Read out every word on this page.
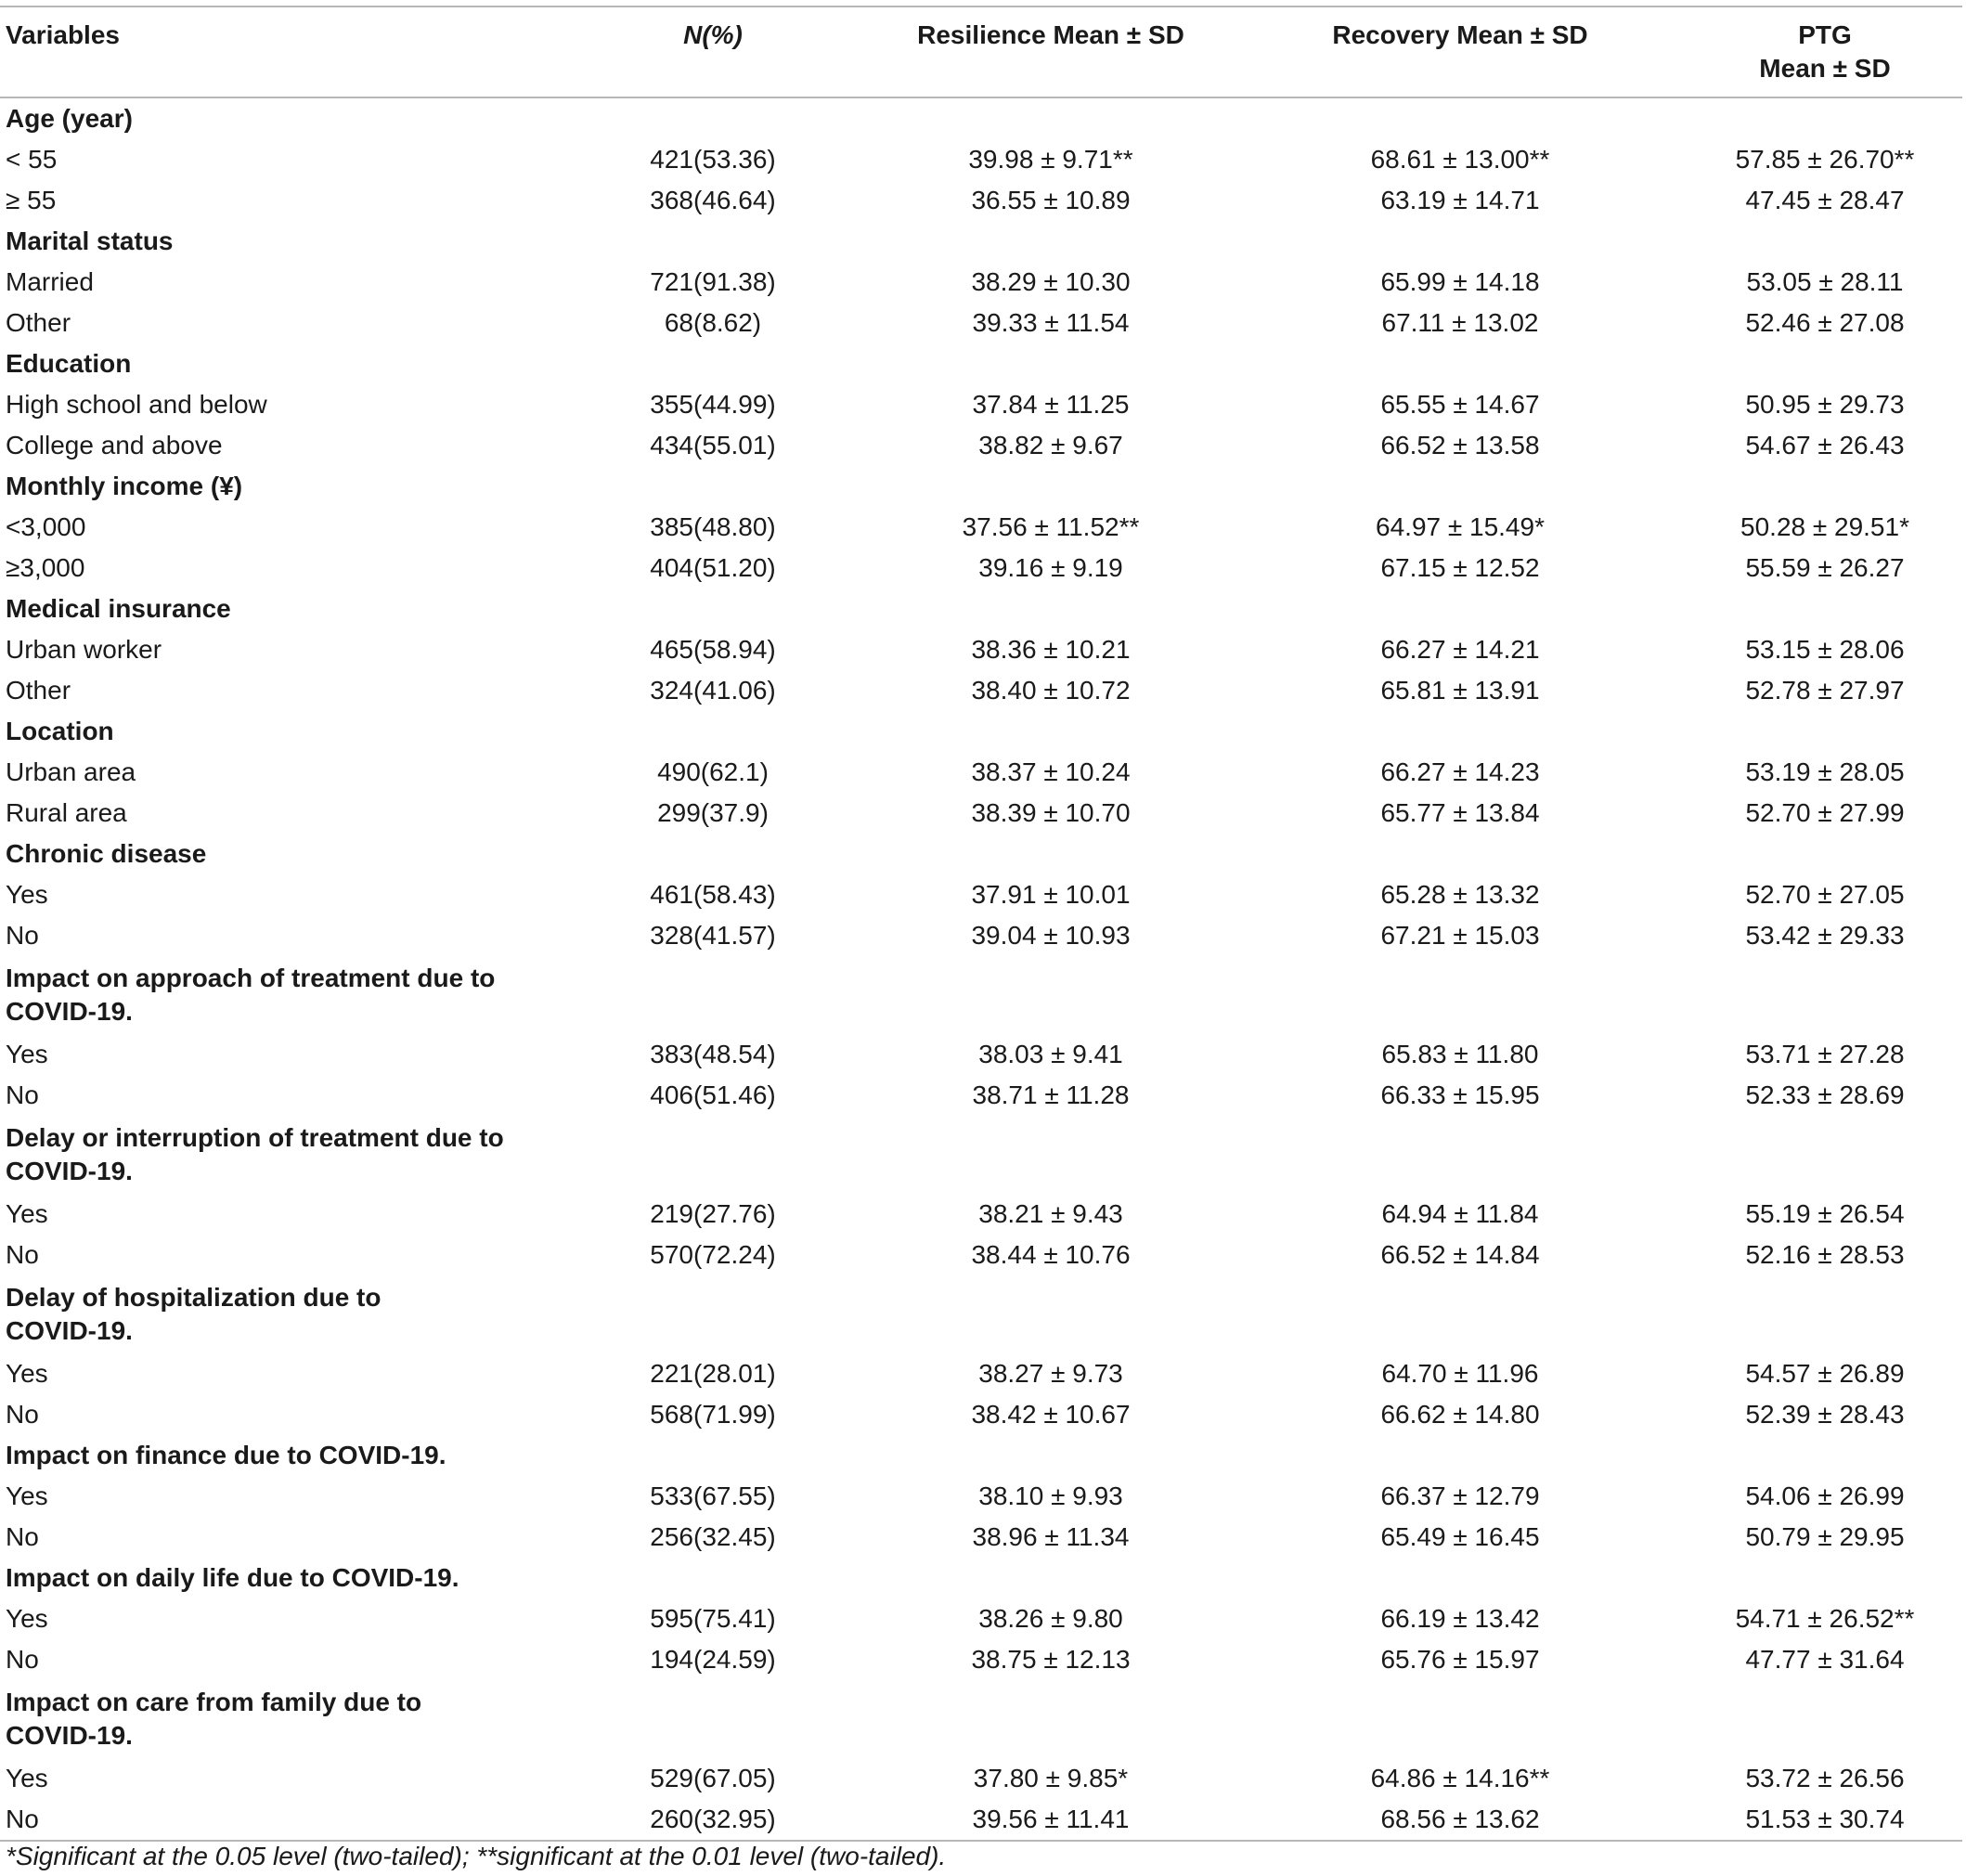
Variables	N(%)	Resilience Mean ± SD	Recovery Mean ± SD	PTG
Mean ± SD

Age (year)				

< 55	421(53.36)	39.98 ± 9.71**	68.61 ± 13.00**	57.85 ± 26.70**
≥ 55	368(46.64)	36.55 ± 10.89	63.19 ± 14.71	47.45 ± 28.47

Marital status				

Married	721(91.38)	38.29 ± 10.30	65.99 ± 14.18	53.05 ± 28.11
Other	68(8.62)	39.33 ± 11.54	67.11 ± 13.02	52.46 ± 27.08

Education				

High school and below	355(44.99)	37.84 ± 11.25	65.55 ± 14.67	50.95 ± 29.73
College and above	434(55.01)	38.82 ± 9.67	66.52 ± 13.58	54.67 ± 26.43

Monthly income (¥)				

<3,000	385(48.80)	37.56 ± 11.52**	64.97 ± 15.49*	50.28 ± 29.51*
≥3,000	404(51.20)	39.16 ± 9.19	67.15 ± 12.52	55.59 ± 26.27

Medical insurance				

Urban worker	465(58.94)	38.36 ± 10.21	66.27 ± 14.21	53.15 ± 28.06
Other	324(41.06)	38.40 ± 10.72	65.81 ± 13.91	52.78 ± 27.97

Location				

Urban area	490(62.1)	38.37 ± 10.24	66.27 ± 14.23	53.19 ± 28.05
Rural area	299(37.9)	38.39 ± 10.70	65.77 ± 13.84	52.70 ± 27.99

Chronic disease				

Yes	461(58.43)	37.91 ± 10.01	65.28 ± 13.32	52.70 ± 27.05
No	328(41.57)	39.04 ± 10.93	67.21 ± 15.03	53.42 ± 29.33

Impact on approach of treatment due to
COVID-19.				

Yes	383(48.54)	38.03 ± 9.41	65.83 ± 11.80	53.71 ± 27.28
No	406(51.46)	38.71 ± 11.28	66.33 ± 15.95	52.33 ± 28.69

Delay or interruption of treatment due to
COVID-19.				

Yes	219(27.76)	38.21 ± 9.43	64.94 ± 11.84	55.19 ± 26.54
No	570(72.24)	38.44 ± 10.76	66.52 ± 14.84	52.16 ± 28.53

Delay of hospitalization due to
COVID-19.				

Yes	221(28.01)	38.27 ± 9.73	64.70 ± 11.96	54.57 ± 26.89
No	568(71.99)	38.42 ± 10.67	66.62 ± 14.80	52.39 ± 28.43

Impact on finance due to COVID-19.				

Yes	533(67.55)	38.10 ± 9.93	66.37 ± 12.79	54.06 ± 26.99
No	256(32.45)	38.96 ± 11.34	65.49 ± 16.45	50.79 ± 29.95

Impact on daily life due to COVID-19.				

Yes	595(75.41)	38.26 ± 9.80	66.19 ± 13.42	54.71 ± 26.52**
No	194(24.59)	38.75 ± 12.13	65.76 ± 15.97	47.77 ± 31.64

Impact on care from family due to
COVID-19.				

Yes	529(67.05)	37.80 ± 9.85*	64.86 ± 14.16**	53.72 ± 26.56
No	260(32.95)	39.56 ± 11.41	68.56 ± 13.62	51.53 ± 30.74
*Significant at the 0.05 level (two-tailed); **significant at the 0.01 level (two-tailed).
